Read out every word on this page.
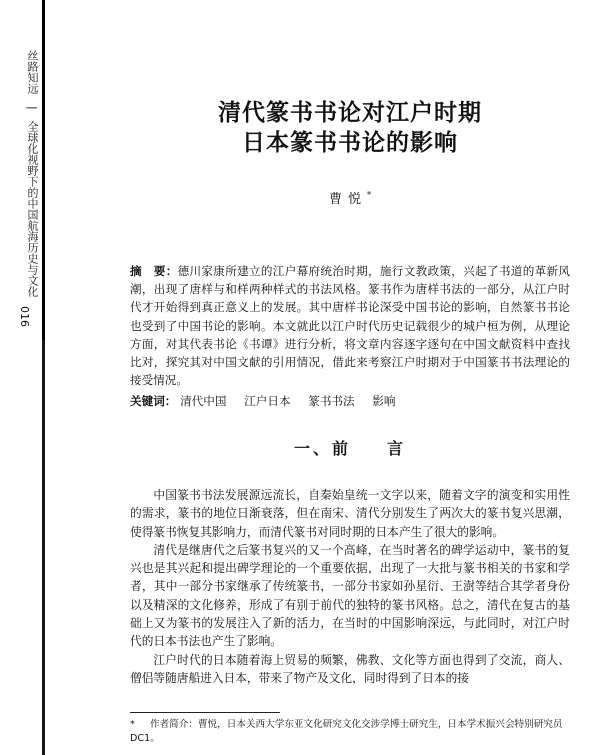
丝路知远 | 全球化视野下的中国航海历史与文化
016
清代篆书书论对江户时期
日本篆书书论的影响
曹悦*
摘　要：德川家康所建立的江户幕府统治时期，施行文教政策，兴起了书道的革新风潮，出现了唐样与和样两种样式的书法风格。篆书作为唐样书法的一部分，从江户时代才开始得到真正意义上的发展。其中唐样书论深受中国书论的影响，自然篆书书论也受到了中国书论的影响。本文就此以江户时代历史记载很少的城户桓为例，从理论方面，对其代表书论《书谭》进行分析，将文章内容逐字逐句在中国文献资料中查找比对，探究其对中国文献的引用情况，借此来考察江户时期对于中国篆书书法理论的接受情况。
关键词： 清代中国 江户日本 篆书书法 影响
一、前 言

中国篆书书法发展源远流长，自秦始皇统一文字以来，随着文字的演变和实用性的需求，篆书的地位日渐衰落，但在南宋、清代分别发生了两次大的篆书复兴思潮，使得篆书恢复其影响力，而清代篆书对同时期的日本产生了很大的影响。

清代是继唐代之后篆书复兴的又一个高峰，在当时著名的碑学运动中，篆书的复兴也是其兴起和提出碑学理论的一个重要依据，出现了一大批与篆书相关的书家和学者，其中一部分书家继承了传统篆书，一部分书家如孙星衍、王澍等结合其学者身份以及精深的文化修养，形成了有别于前代的独特的篆书风格。总之，清代在复古的基础上又为篆书的发展注入了新的活力，在当时的中国影响深远，与此同时，对江户时代的日本书法也产生了影响。

江户时代的日本随着海上贸易的频繁，佛教、文化等方面也得到了交流，商人、僧侣等随唐船进入日本，带来了物产及文化，同时得到了日本的接

* 作者简介：曹悦，日本关西大学东亚文化研究文化交涉学博士研究生，日本学术振兴会特别研究员DC1。
